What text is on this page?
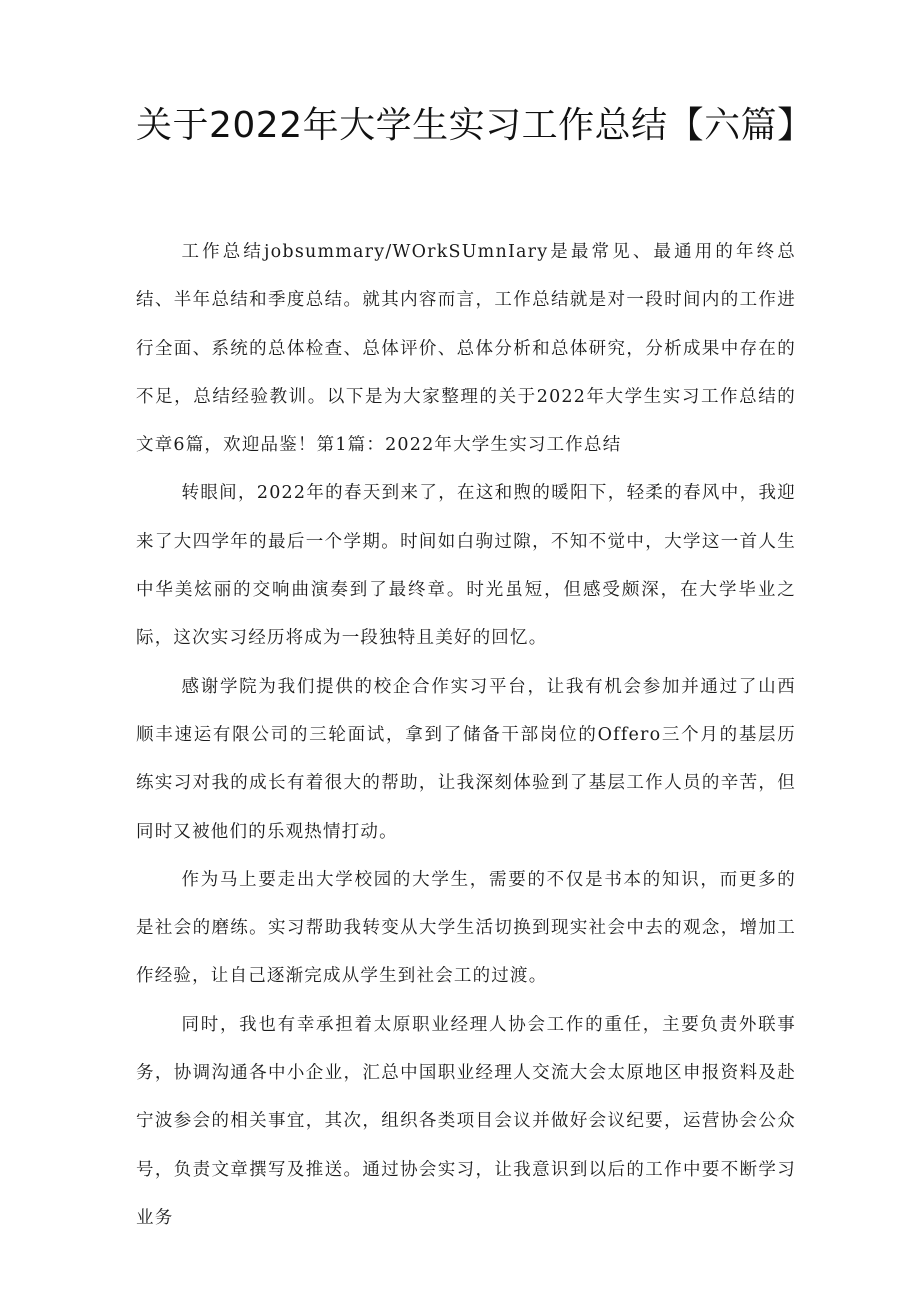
关于2022年大学生实习工作总结【六篇】

工作总结jobsummary/WOrkSUmnIary是最常见、最通用的年终总结、半年总结和季度总结。就其内容而言，工作总结就是对一段时间内的工作进行全面、系统的总体检查、总体评价、总体分析和总体研究，分析成果中存在的不足，总结经验教训。以下是为大家整理的关于2022年大学生实习工作总结的文章6篇，欢迎品鉴！第1篇：2022年大学生实习工作总结

转眼间，2022年的春天到来了，在这和煦的暖阳下，轻柔的春风中，我迎来了大四学年的最后一个学期。时间如白驹过隙，不知不觉中，大学这一首人生中华美炫丽的交响曲演奏到了最终章。时光虽短，但感受颇深，在大学毕业之际，这次实习经历将成为一段独特且美好的回忆。

感谢学院为我们提供的校企合作实习平台，让我有机会参加并通过了山西顺丰速运有限公司的三轮面试，拿到了储备干部岗位的Offero三个月的基层历练实习对我的成长有着很大的帮助，让我深刻体验到了基层工作人员的辛苦，但同时又被他们的乐观热情打动。

作为马上要走出大学校园的大学生，需要的不仅是书本的知识，而更多的是社会的磨练。实习帮助我转变从大学生活切换到现实社会中去的观念，增加工作经验，让自己逐渐完成从学生到社会工的过渡。

同时，我也有幸承担着太原职业经理人协会工作的重任，主要负责外联事务，协调沟通各中小企业，汇总中国职业经理人交流大会太原地区申报资料及赴宁波参会的相关事宜，其次，组织各类项目会议并做好会议纪要，运营协会公众号，负责文章撰写及推送。通过协会实习，让我意识到以后的工作中要不断学习业务
